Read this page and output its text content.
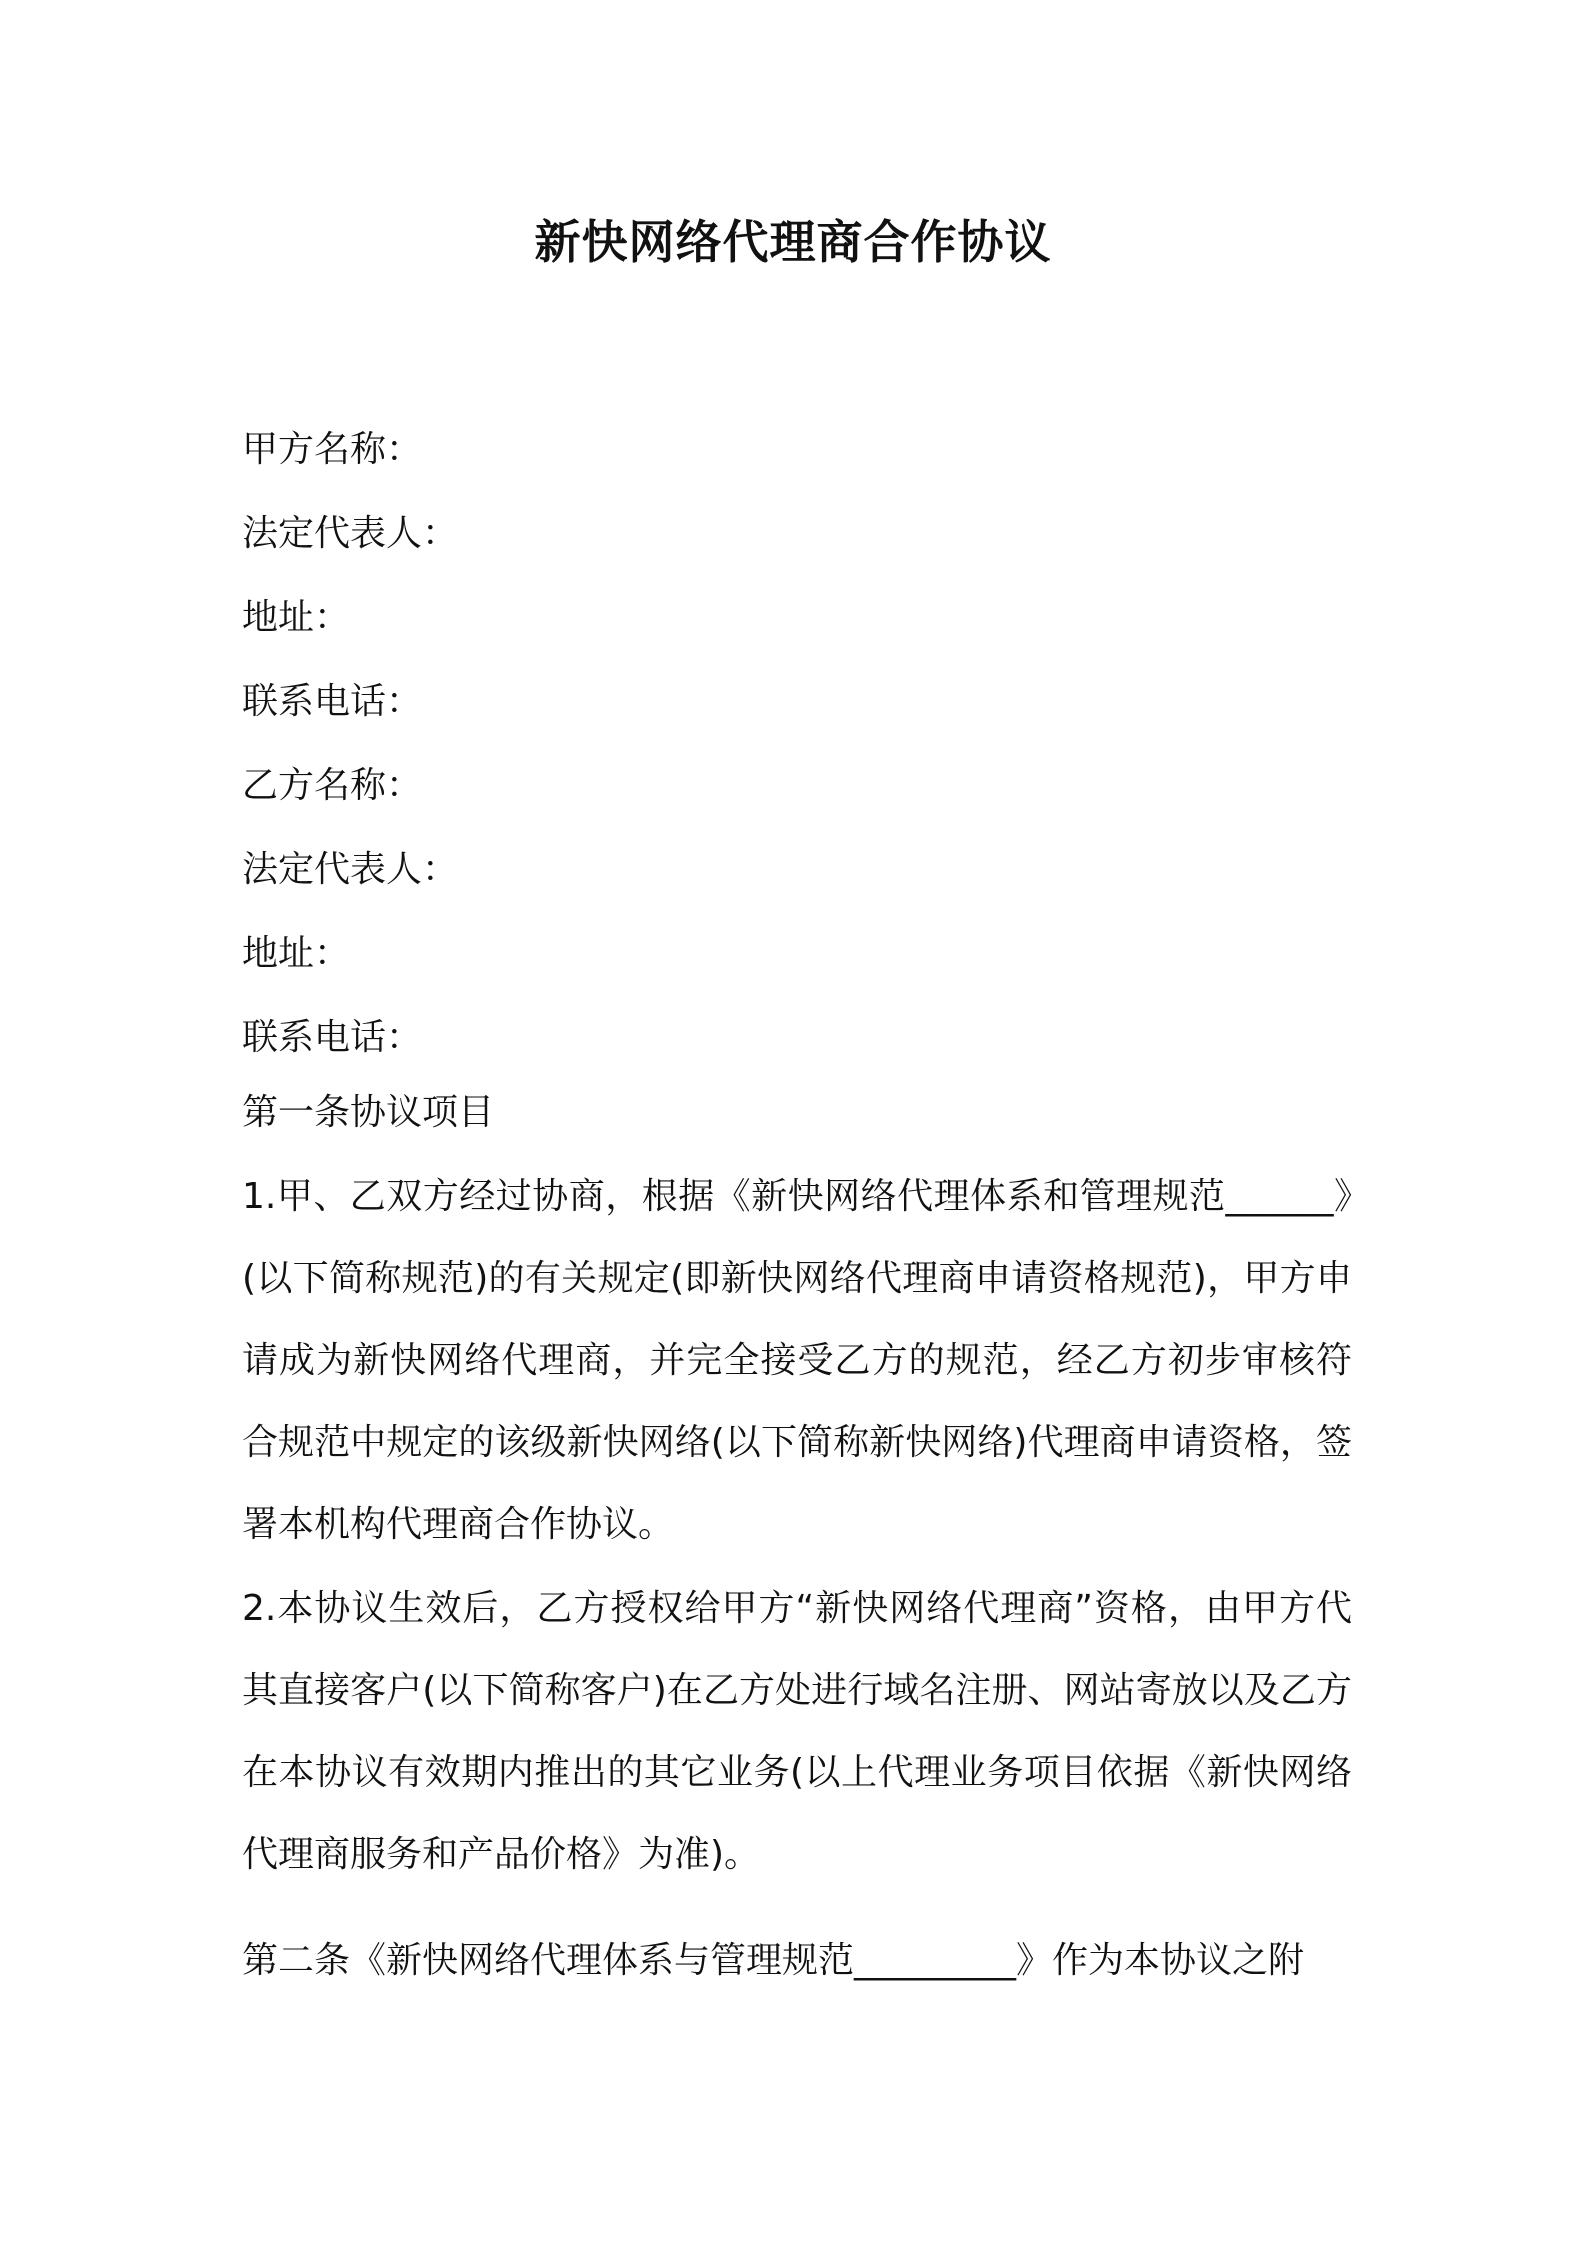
新快网络代理商合作协议
甲方名称：
法定代表人：
地址：
联系电话：
乙方名称：
法定代表人：
地址：
联系电话：
第一条协议项目
1.甲、乙双方经过协商，根据《新快网络代理体系和管理规范______》(以下简称规范)的有关规定(即新快网络代理商申请资格规范)，甲方申请成为新快网络代理商，并完全接受乙方的规范，经乙方初步审核符合规范中规定的该级新快网络(以下简称新快网络)代理商申请资格，签署本机构代理商合作协议。
2.本协议生效后，乙方授权给甲方“新快网络代理商”资格，由甲方代其直接客户(以下简称客户)在乙方处进行域名注册、网站寄放以及乙方在本协议有效期内推出的其它业务(以上代理业务项目依据《新快网络代理商服务和产品价格》为准)。
第二条《新快网络代理体系与管理规范_________》作为本协议之附
